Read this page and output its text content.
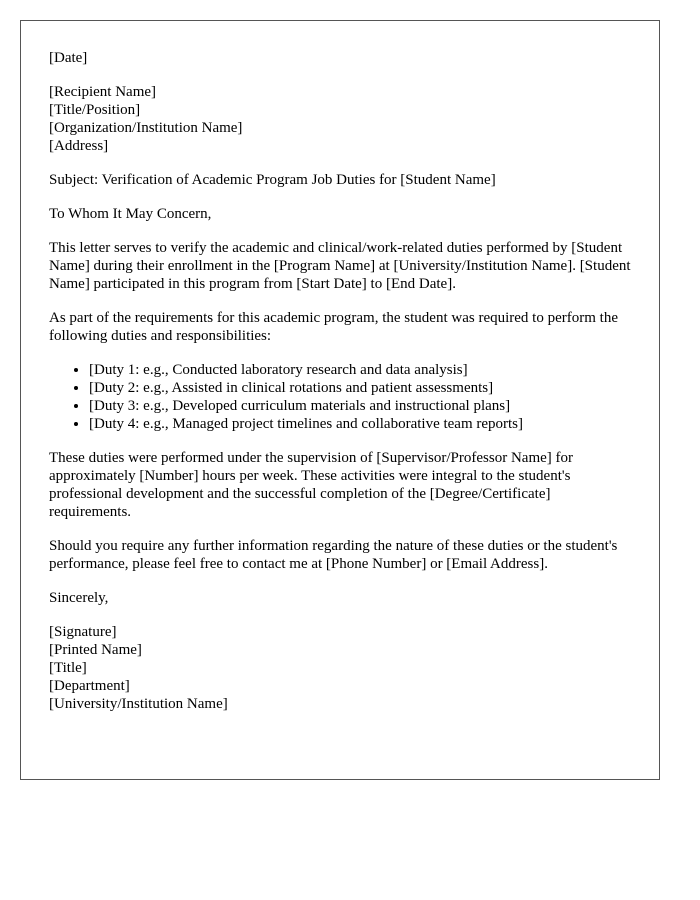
[Date]

[Recipient Name]
[Title/Position]
[Organization/Institution Name]
[Address]

Subject: Verification of Academic Program Job Duties for [Student Name]

To Whom It May Concern,

This letter serves to verify the academic and clinical/work-related duties performed by [Student Name] during their enrollment in the [Program Name] at [University/Institution Name]. [Student Name] participated in this program from [Start Date] to [End Date].

As part of the requirements for this academic program, the student was required to perform the following duties and responsibilities:

• [Duty 1: e.g., Conducted laboratory research and data analysis]
• [Duty 2: e.g., Assisted in clinical rotations and patient assessments]
• [Duty 3: e.g., Developed curriculum materials and instructional plans]
• [Duty 4: e.g., Managed project timelines and collaborative team reports]

These duties were performed under the supervision of [Supervisor/Professor Name] for approximately [Number] hours per week. These activities were integral to the student's professional development and the successful completion of the [Degree/Certificate] requirements.

Should you require any further information regarding the nature of these duties or the student's performance, please feel free to contact me at [Phone Number] or [Email Address].

Sincerely,

[Signature]
[Printed Name]
[Title]
[Department]
[University/Institution Name]
